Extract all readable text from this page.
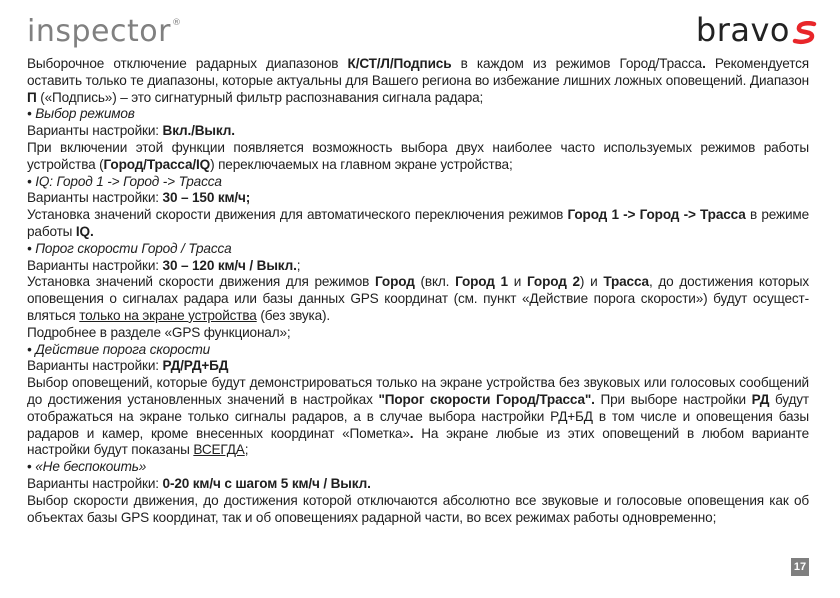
inspector®	bravo

Выборочное отключение радарных диапазонов К/СТ/Л/Подпись в каждом из режимов Город/Трасса. Рекомендуется оставить только те диапазоны, которые актуальны для Вашего региона во избежание лишних ложных оповещений. Диапазон П («Подпись») – это сигнатурный фильтр распознавания сигнала радара;

• Выбор режимов

Варианты настройки: Вкл./Выкл.

При включении этой функции появляется возможность выбора двух наиболее часто используемых режимов работы устройства (Город/Трасса/IQ) переключаемых на главном экране устройства;

• IQ: Город 1 -> Город -> Трасса

Варианты настройки: 30 – 150 км/ч;

Установка значений скорости движения для автоматического переключения режимов Город 1 -> Город -> Трасса в режиме работы IQ.

• Порог скорости Город / Трасса

Варианты настройки: 30 – 120 км/ч / Выкл.;

Установка значений скорости движения для режимов Город (вкл. Город 1 и Город 2) и Трасса, до достижения которых оповещения о сигналах радара или базы данных GPS координат (см. пункт «Действие порога скорости») будут осущест-вляться только на экране устройства (без звука).

Подробнее в разделе «GPS функционал»;

• Действие порога скорости

Варианты настройки: РД/РД+БД

Выбор оповещений, которые будут демонстрироваться только на экране устройства без звуковых или голосовых сообщений до достижения установленных значений в настройках "Порог скорости Город/Трасса". При выборе настройки РД будут отображаться на экране только сигналы радаров, а в случае выбора настройки РД+БД в том числе и оповещения базы радаров и камер, кроме внесенных координат «Пометка». На экране любые из этих оповещений в любом варианте настройки будут показаны ВСЕГДА;

• «Не беспокоить»

Варианты настройки: 0-20 км/ч с шагом 5 км/ч / Выкл.

Выбор скорости движения, до достижения которой отключаются абсолютно все звуковые и голосовые оповещения как об объектах базы GPS координат, так и об оповещениях радарной части, во всех режимах работы одновременно;

17
